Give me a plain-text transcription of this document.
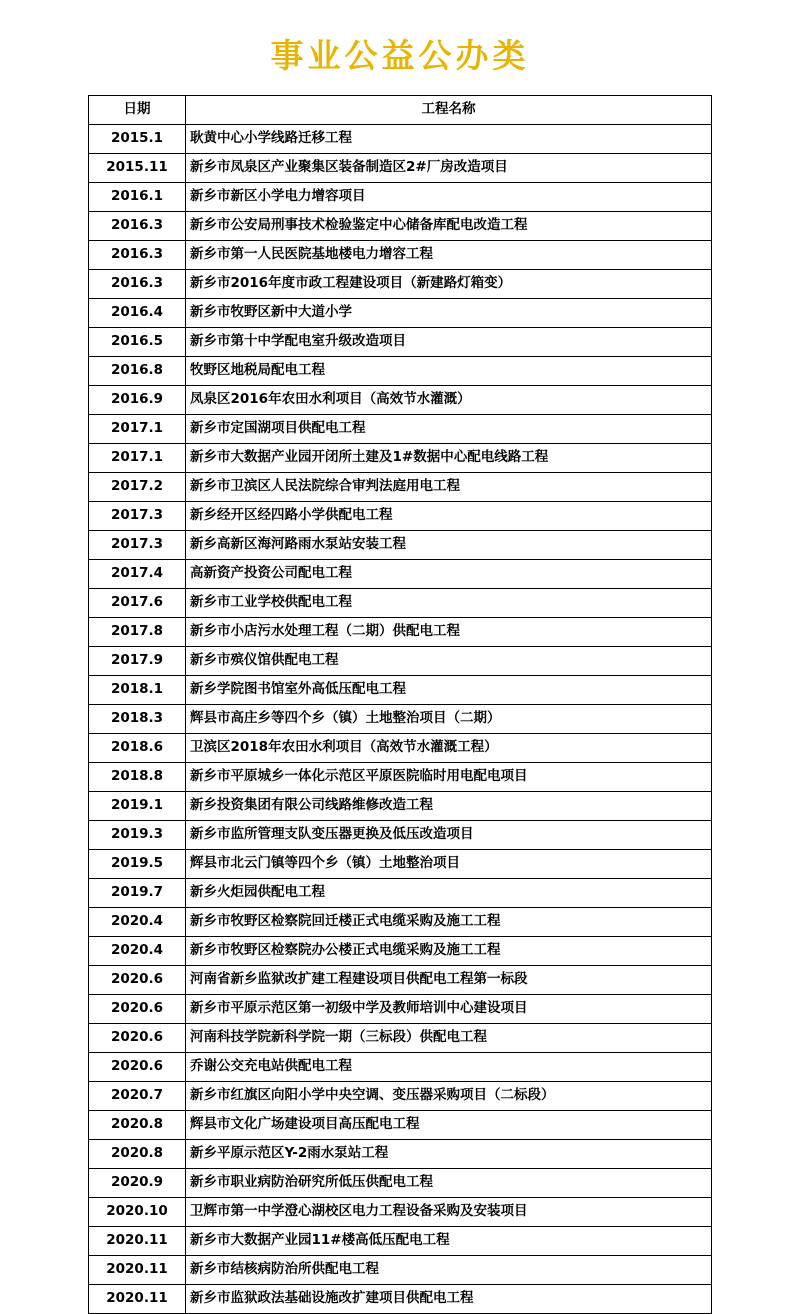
事业公益公办类
日期	工程名称
2015.1	耿黄中心小学线路迁移工程
2015.11	新乡市凤泉区产业聚集区装备制造区2#厂房改造项目
2016.1	新乡市新区小学电力增容项目
2016.3	新乡市公安局刑事技术检验鉴定中心储备库配电改造工程
2016.3	新乡市第一人民医院基地楼电力增容工程
2016.3	新乡市2016年度市政工程建设项目（新建路灯箱变）
2016.4	新乡市牧野区新中大道小学
2016.5	新乡市第十中学配电室升级改造项目
2016.8	牧野区地税局配电工程
2016.9	凤泉区2016年农田水利项目（高效节水灌溉）
2017.1	新乡市定国湖项目供配电工程
2017.1	新乡市大数据产业园开闭所土建及1#数据中心配电线路工程
2017.2	新乡市卫滨区人民法院综合审判法庭用电工程
2017.3	新乡经开区经四路小学供配电工程
2017.3	新乡高新区海河路雨水泵站安装工程
2017.4	高新资产投资公司配电工程
2017.6	新乡市工业学校供配电工程
2017.8	新乡市小店污水处理工程（二期）供配电工程
2017.9	新乡市殡仪馆供配电工程
2018.1	新乡学院图书馆室外高低压配电工程
2018.3	辉县市高庄乡等四个乡（镇）土地整治项目（二期）
2018.6	卫滨区2018年农田水利项目（高效节水灌溉工程）
2018.8	新乡市平原城乡一体化示范区平原医院临时用电配电项目
2019.1	新乡投资集团有限公司线路维修改造工程
2019.3	新乡市监所管理支队变压器更换及低压改造项目
2019.5	辉县市北云门镇等四个乡（镇）土地整治项目
2019.7	新乡火炬园供配电工程
2020.4	新乡市牧野区检察院回迁楼正式电缆采购及施工工程
2020.4	新乡市牧野区检察院办公楼正式电缆采购及施工工程
2020.6	河南省新乡监狱改扩建工程建设项目供配电工程第一标段
2020.6	新乡市平原示范区第一初级中学及教师培训中心建设项目
2020.6	河南科技学院新科学院一期（三标段）供配电工程
2020.6	乔谢公交充电站供配电工程
2020.7	新乡市红旗区向阳小学中央空调、变压器采购项目（二标段）
2020.8	辉县市文化广场建设项目高压配电工程
2020.8	新乡平原示范区Y-2雨水泵站工程
2020.9	新乡市职业病防治研究所低压供配电工程
2020.10	卫辉市第一中学澄心湖校区电力工程设备采购及安装项目
2020.11	新乡市大数据产业园11#楼高低压配电工程
2020.11	新乡市结核病防治所供配电工程
2020.11	新乡市监狱政法基础设施改扩建项目供配电工程
